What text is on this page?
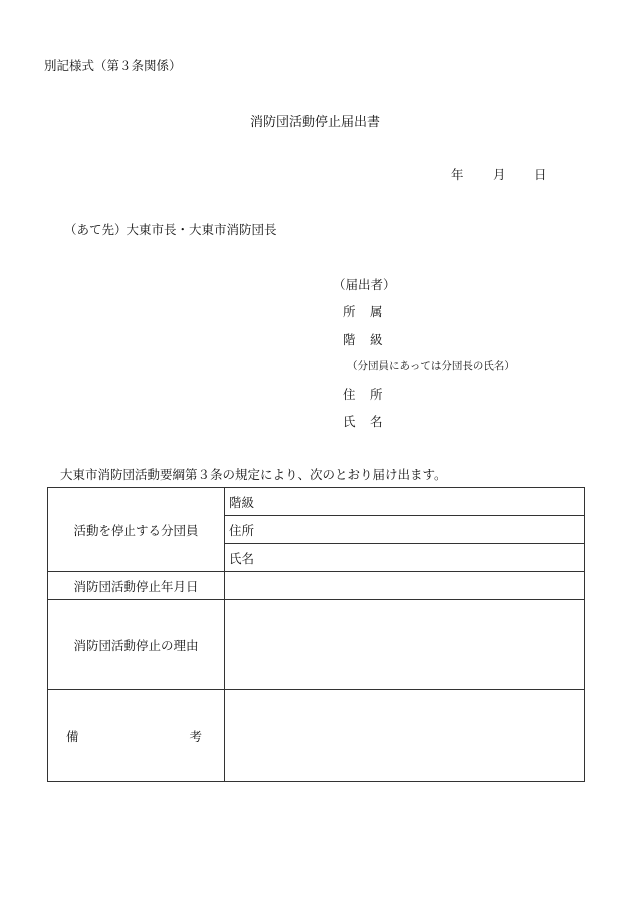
別記様式（第３条関係）
消防団活動停止届出書
年 月 日
（あて先）大東市長・大東市消防団長
（届出者）
所　属
階　級
（分団員にあっては分団長の氏名）
住　所
氏　名
大東市消防団活動要綱第３条の規定により、次のとおり届け出ます。
活動を停止する分団員	階級
	住所
	氏名
消防団活動停止年月日	
消防団活動停止の理由	

備 考	
